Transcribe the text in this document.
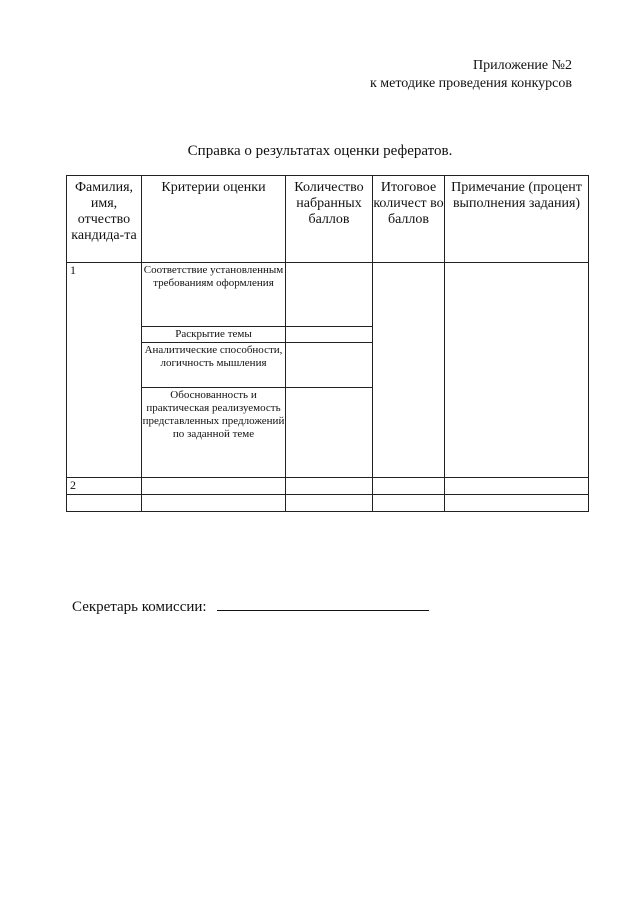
Приложение №2
к методике проведения конкурсов
Справка о результатах оценки рефератов.
Фамилия, имя, отчество кандида-та	Критерии оценки	Количество набранных баллов	Итоговое количест во баллов	Примечание (процент выполнения задания)
1	Соответствие установленным требованиям оформления			
	Раскрытие темы			
	Аналитические способности, логичность мышления			
	Обоснованность и практическая реализуемость представленных предложений по заданной теме			
2				

Секретарь комиссии:
